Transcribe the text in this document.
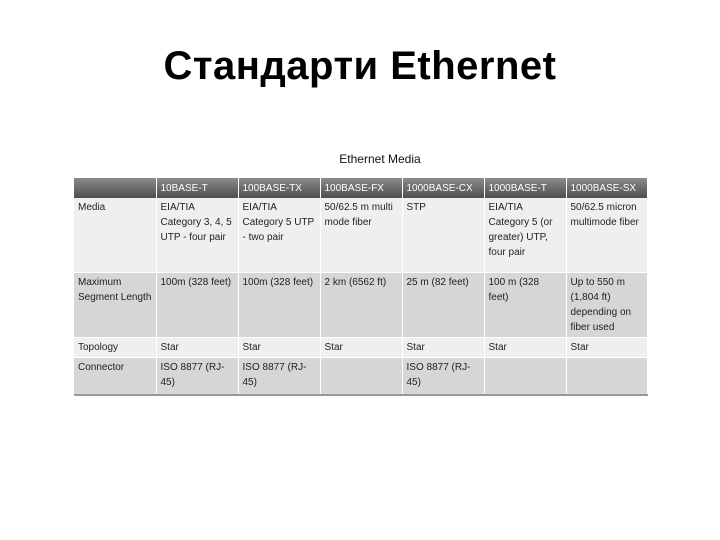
Стандарти Ethernet
Ethernet Media
	10BASE-T	100BASE-TX	100BASE-FX	1000BASE-CX	1000BASE-T	1000BASE-SX
Media	EIA/TIA Category 3, 4, 5 UTP - four pair	EIA/TIA Category 5 UTP - two pair	50/62.5 m multi mode fiber	STP	EIA/TIA Category 5 (or greater) UTP, four pair	50/62.5 micron multimode fiber
Maximum Segment Length	100m (328 feet)	100m (328 feet)	2 km (6562 ft)	25 m (82 feet)	100 m (328 feet)	Up to 550 m (1,804 ft) depending on fiber used
Topology	Star	Star	Star	Star	Star	Star
Connector	ISO 8877 (RJ-45)	ISO 8877 (RJ-45)		ISO 8877 (RJ-45)		
